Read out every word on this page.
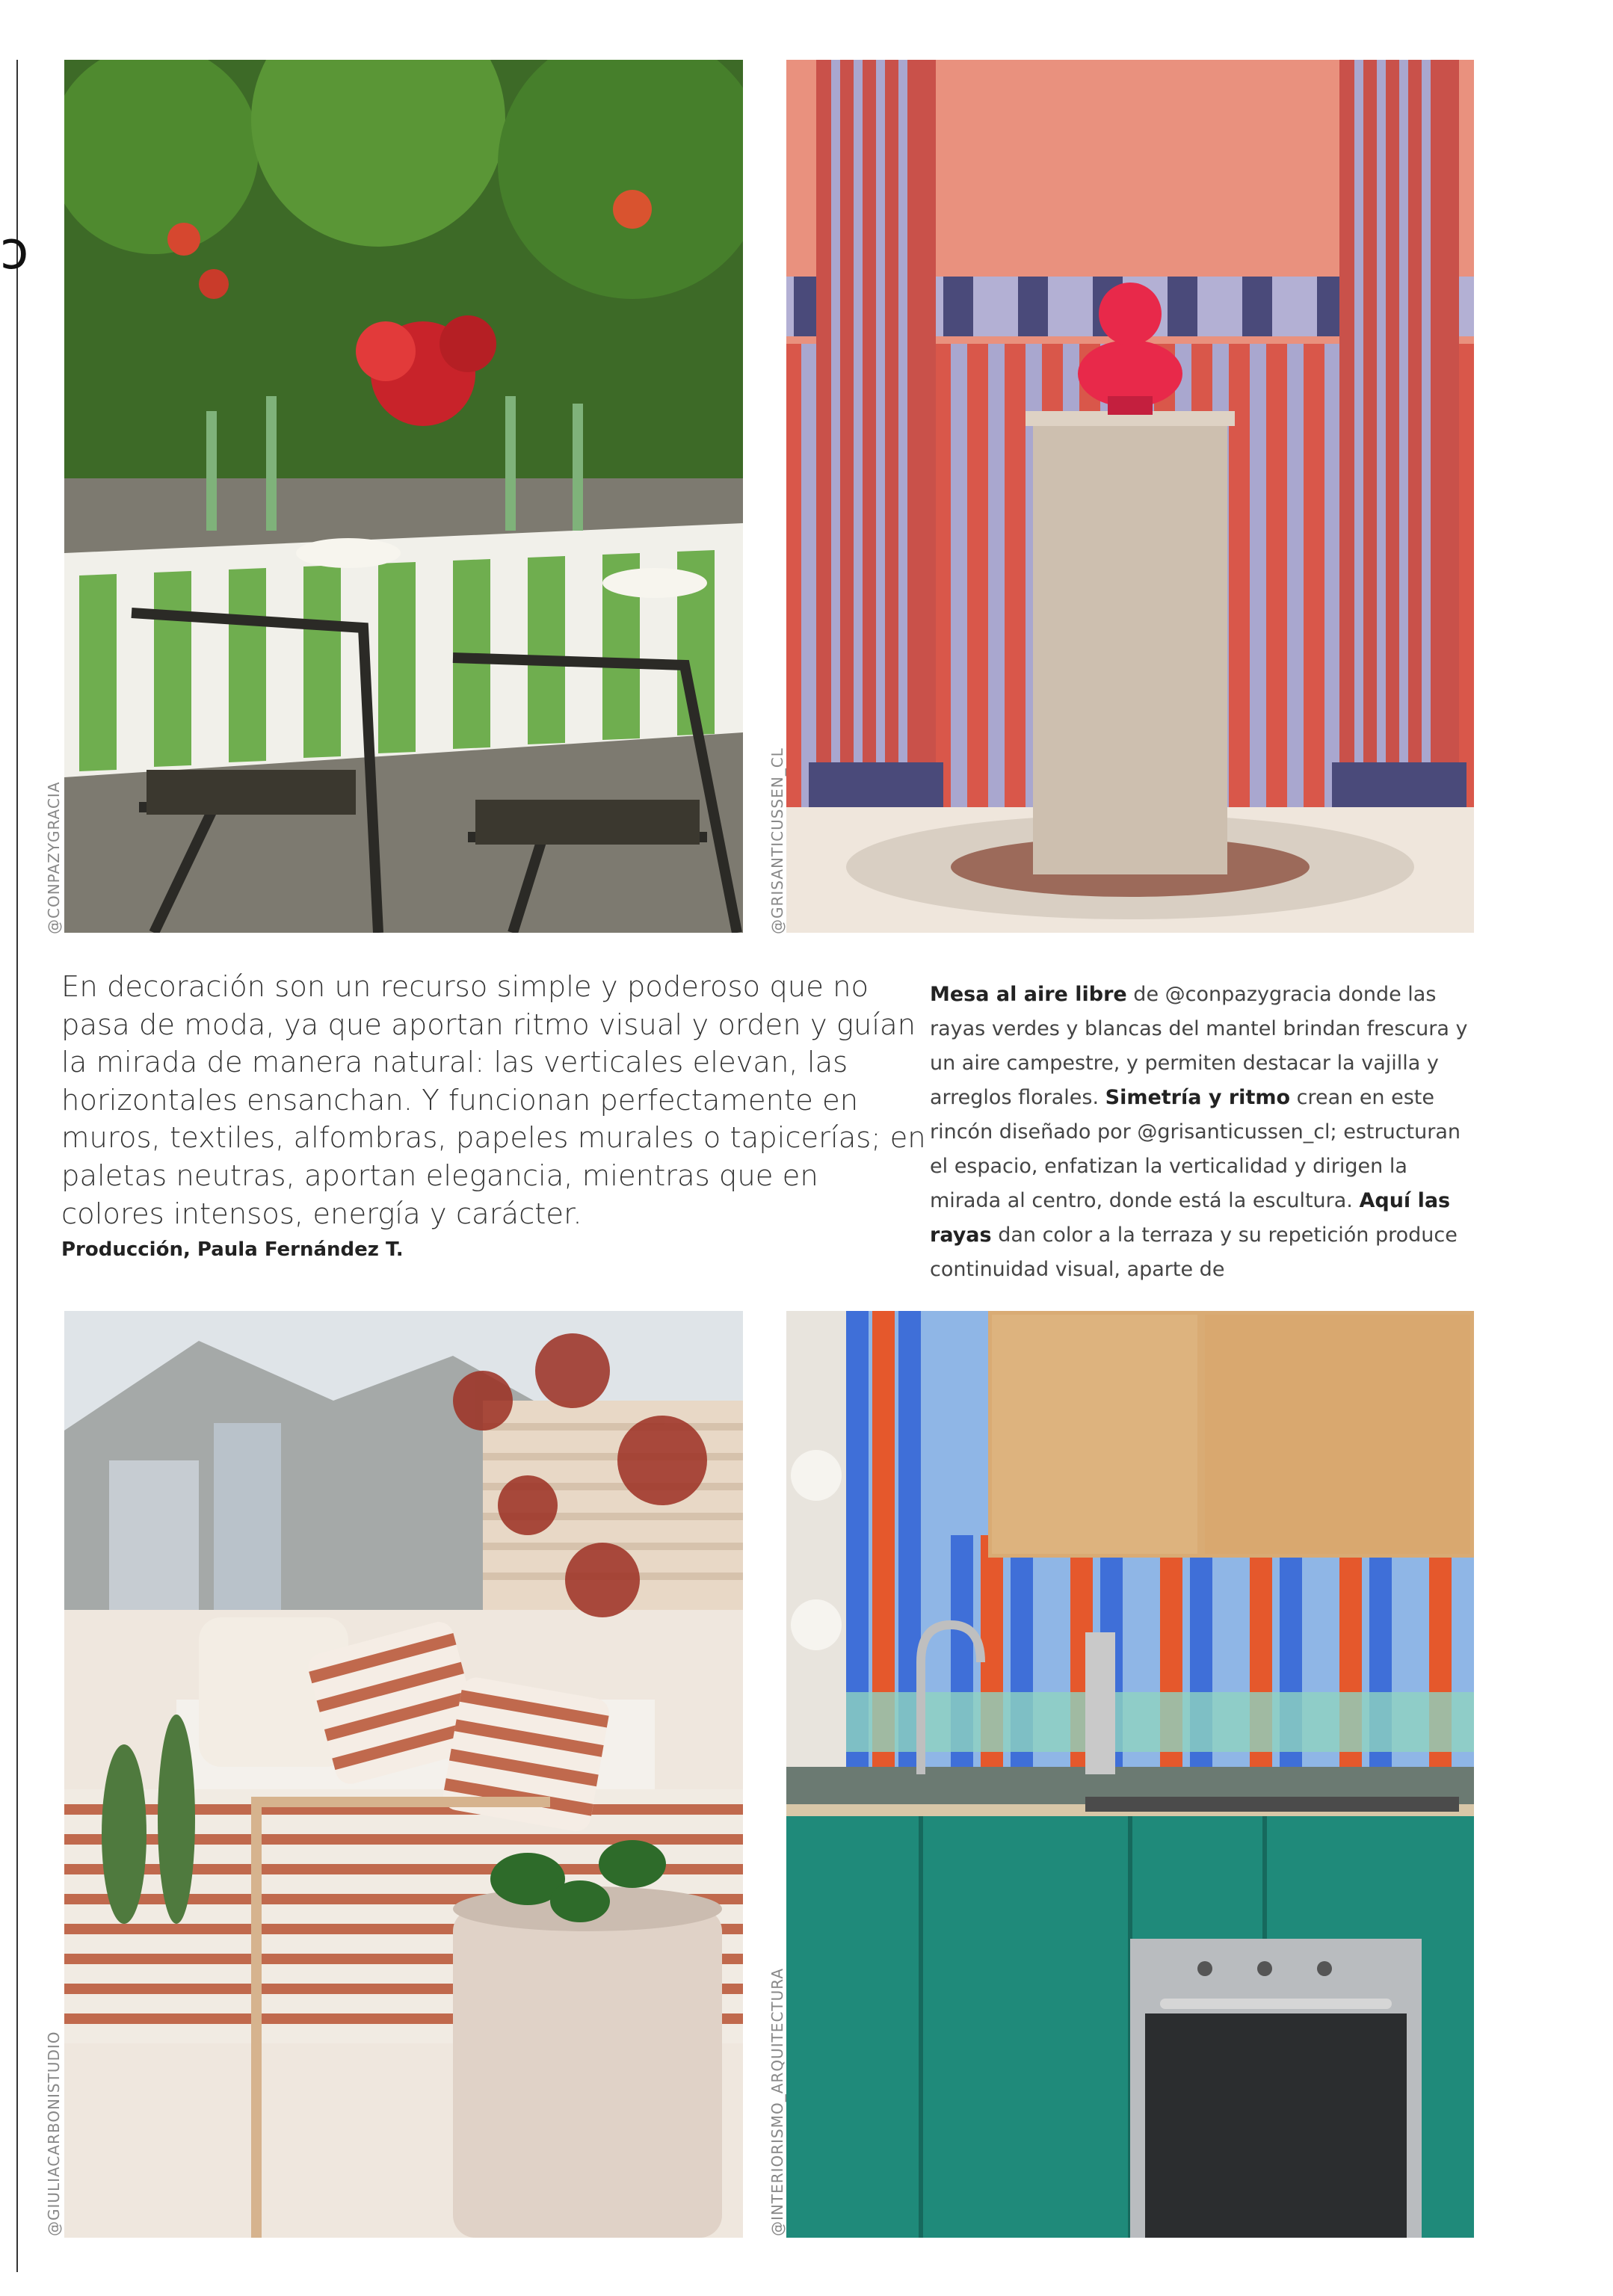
ɔ
@CONPAZYGRACIA	@GRISANTICUSSEN_CL

En decoración son un recurso simple y poderoso que no pasa de moda, ya que aportan ritmo visual y orden y guían la mirada de manera natural: las verticales elevan, las horizontales ensanchan. Y funcionan perfectamente en muros, textiles, alfombras, papeles murales o tapicerías; en paletas neutras, aportan elegancia, mientras que en colores intensos, energía y carácter.

Producción, Paula Fernández T.

Mesa al aire libre de @conpazygracia donde las rayas verdes y blancas del mantel brindan frescura y un aire campestre, y permiten destacar la vajilla y arreglos florales. Simetría y ritmo crean en este rincón diseñado por @grisanticussen_cl; estructuran el espacio, enfatizan la verticalidad y dirigen la mirada al centro, donde está la escultura. Aquí las rayas dan color a la terraza y su repetición produce continuidad visual, aparte de

@GIULIACARBONISTUDIO	@INTERIORISMO_ARQUITECTURA
